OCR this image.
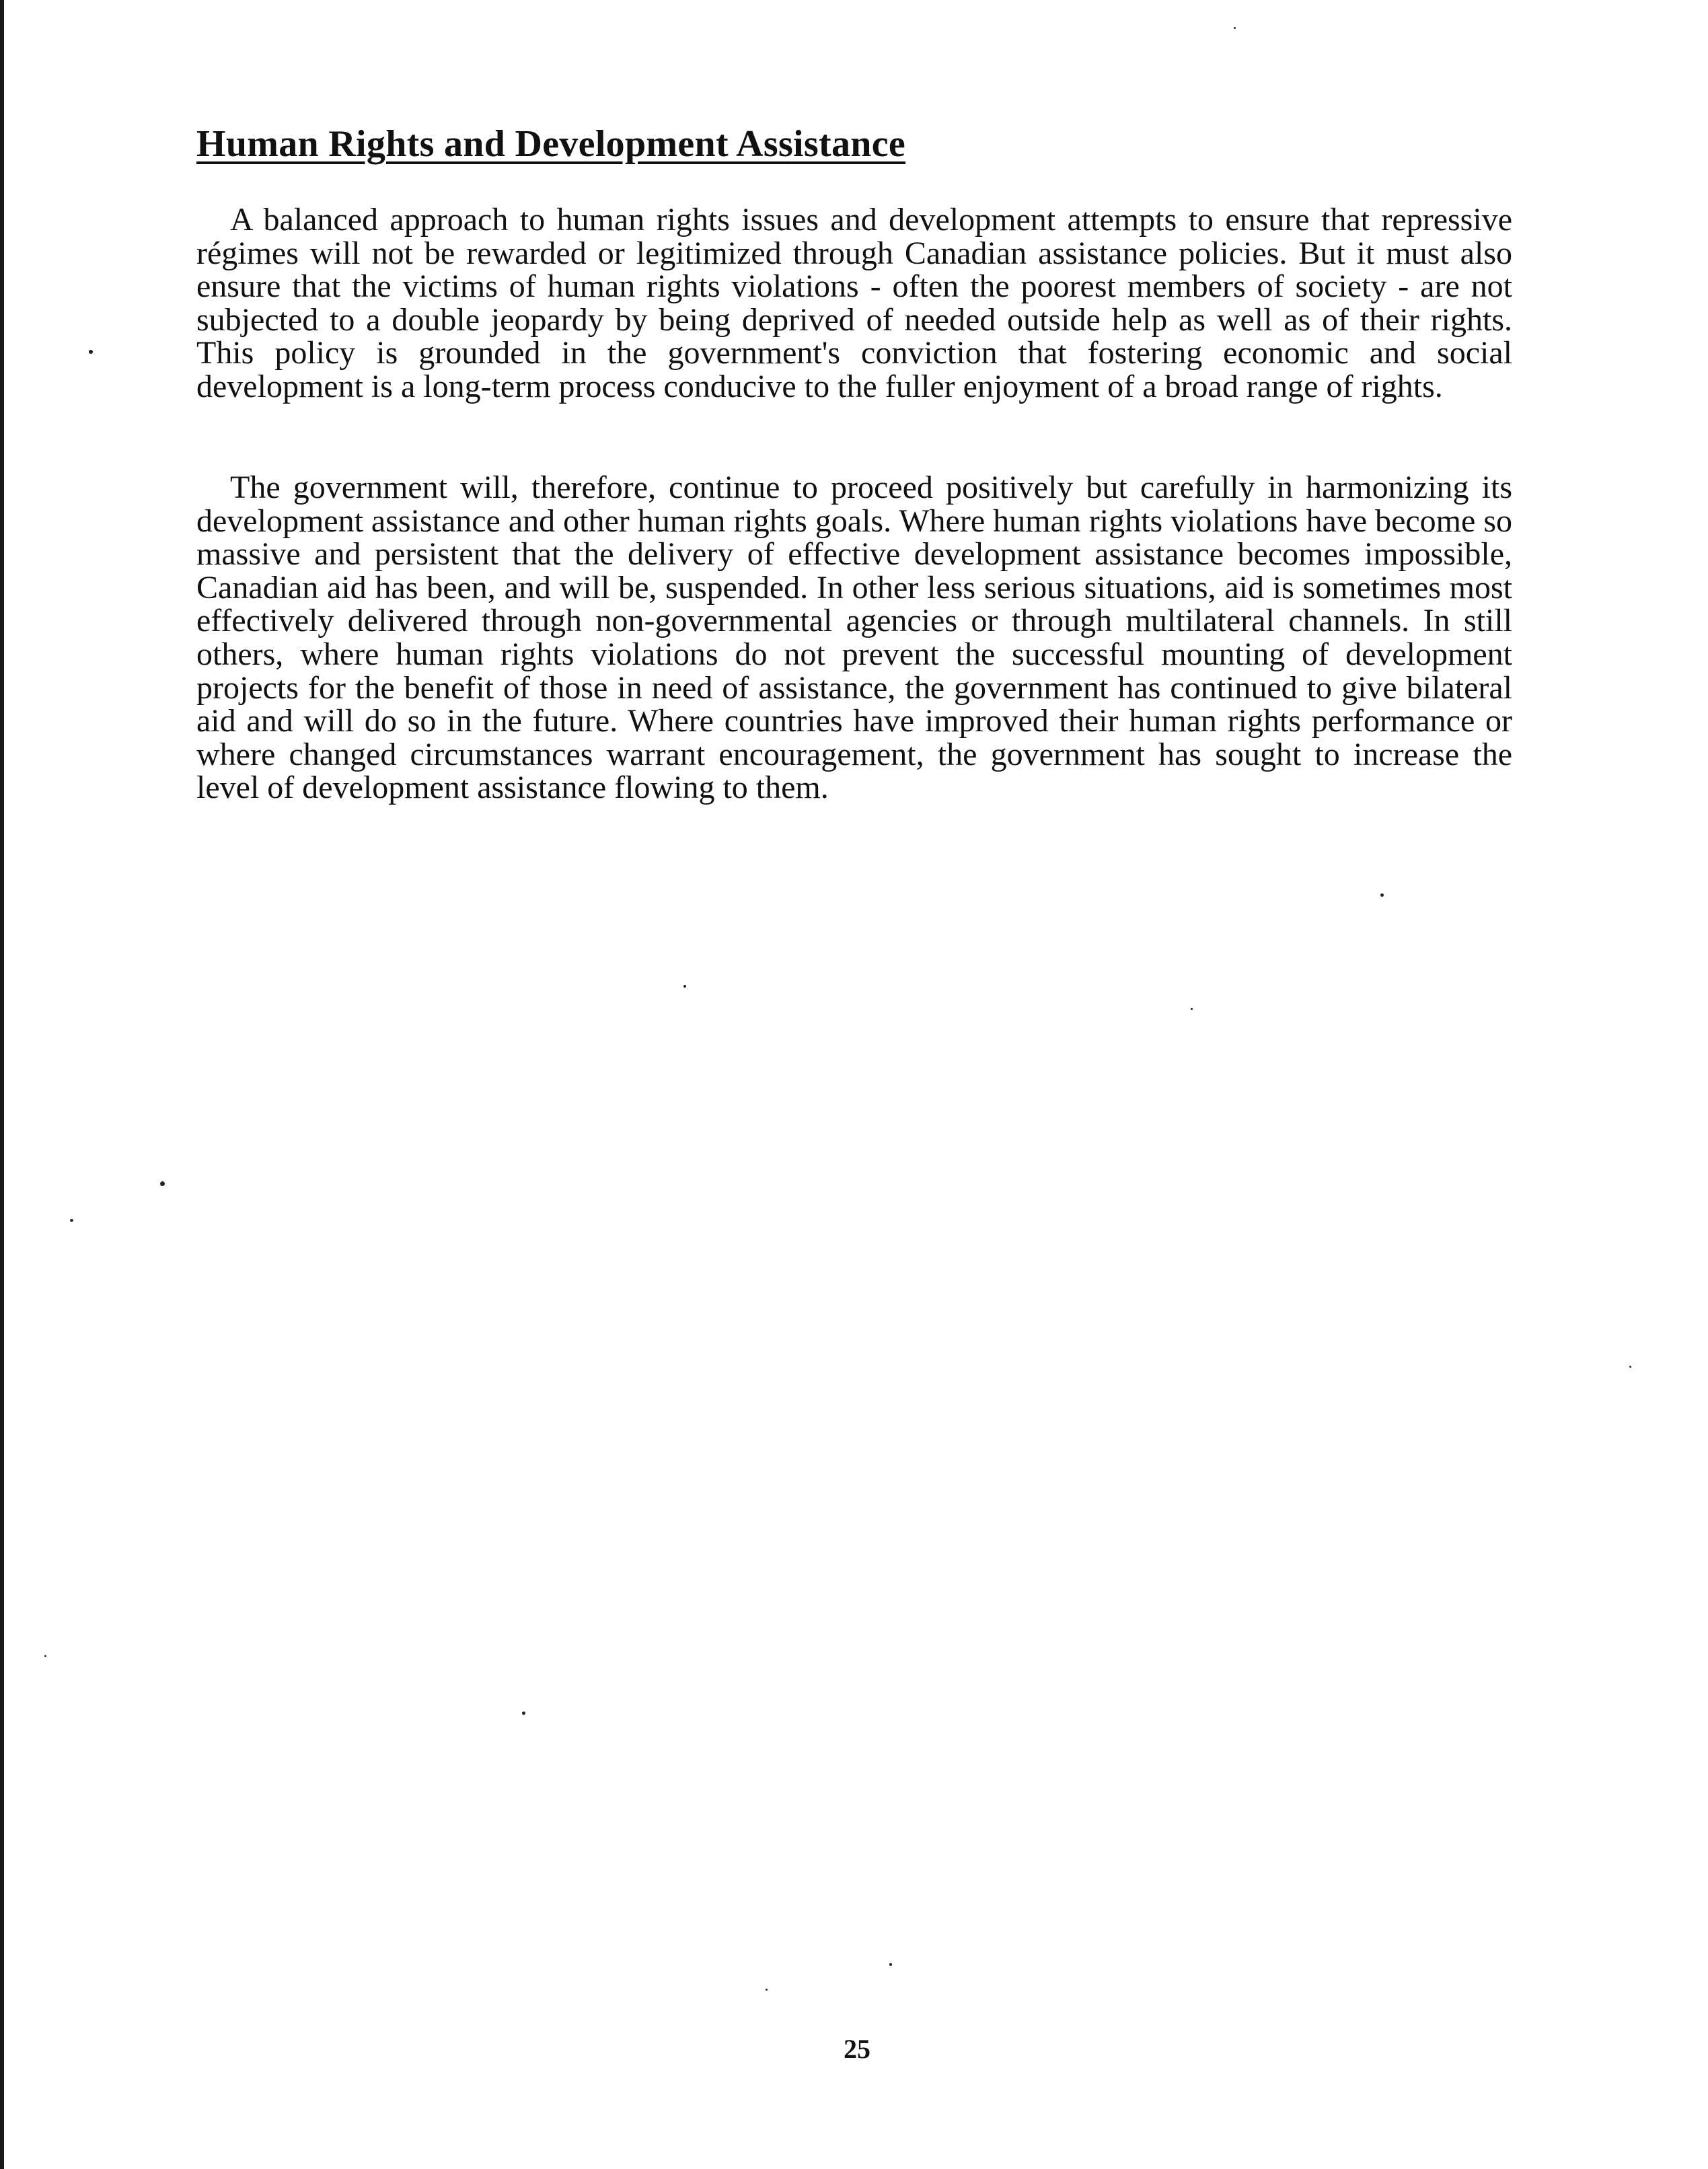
Human Rights and Development Assistance

A balanced approach to human rights issues and development attempts to ensure that repressive régimes will not be rewarded or legitimized through Canadian assistance policies. But it must also ensure that the victims of human rights violations - often the poorest members of society - are not subjected to a double jeopardy by being deprived of needed outside help as well as of their rights. This policy is grounded in the government's conviction that fostering economic and social development is a long-term process conducive to the fuller enjoyment of a broad range of rights.

The government will, therefore, continue to proceed positively but carefully in harmonizing its development assistance and other human rights goals. Where human rights violations have become so massive and persistent that the delivery of effective development assistance becomes impossible, Canadian aid has been, and will be, suspended. In other less serious situations, aid is sometimes most effectively delivered through non-governmental agencies or through multilateral channels. In still others, where human rights violations do not prevent the successful mounting of development projects for the benefit of those in need of assistance, the government has continued to give bilateral aid and will do so in the future. Where countries have improved their human rights performance or where changed circumstances warrant encouragement, the government has sought to increase the level of development assistance flowing to them.

25
